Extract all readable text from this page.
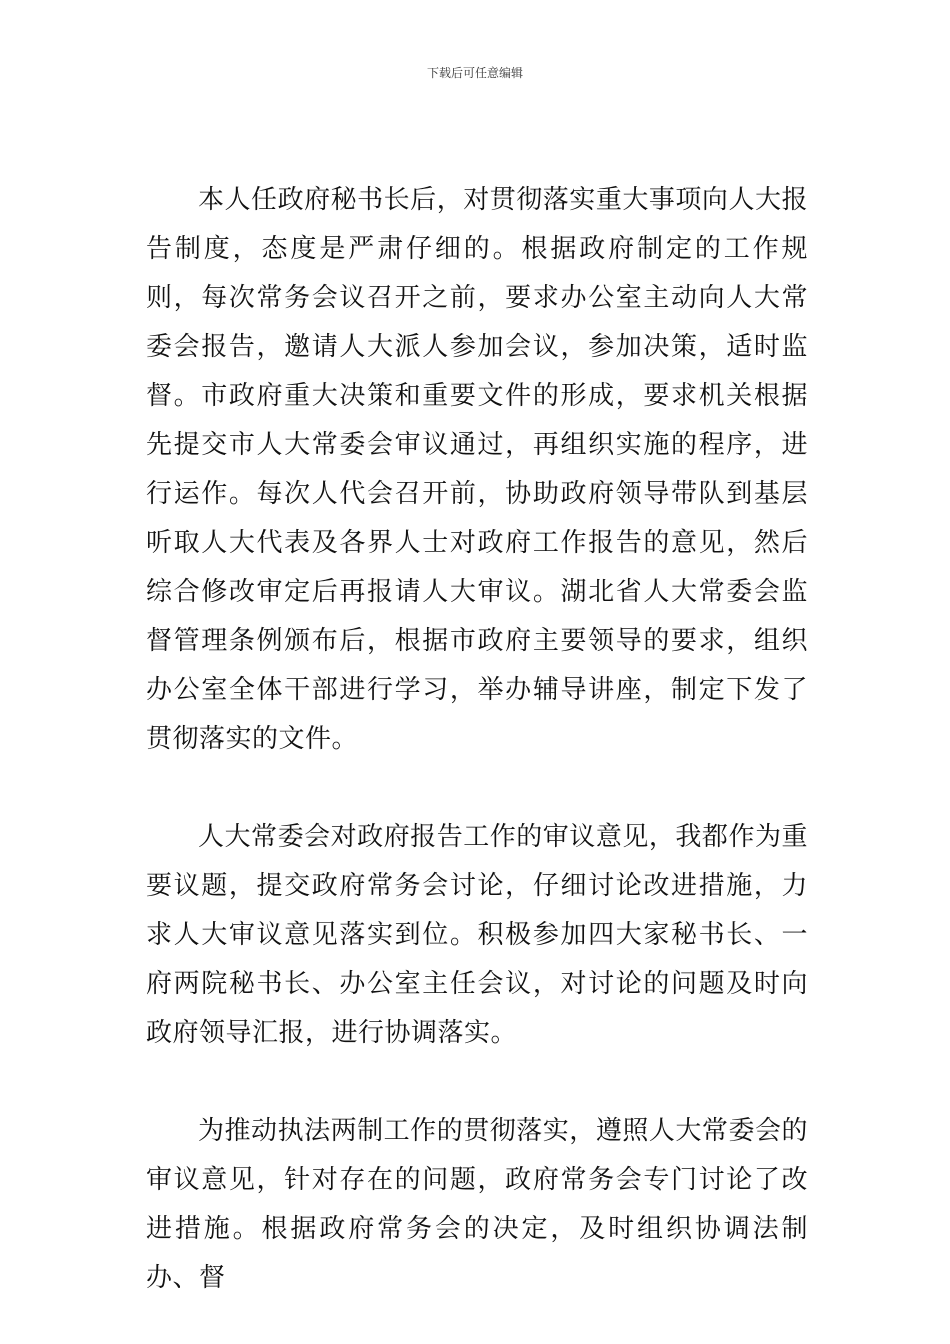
下载后可任意编辑

本人任政府秘书长后，对贯彻落实重大事项向人大报告制度，态度是严肃仔细的。根据政府制定的工作规则，每次常务会议召开之前，要求办公室主动向人大常委会报告，邀请人大派人参加会议，参加决策，适时监督。市政府重大决策和重要文件的形成，要求机关根据先提交市人大常委会审议通过，再组织实施的程序，进行运作。每次人代会召开前，协助政府领导带队到基层听取人大代表及各界人士对政府工作报告的意见，然后综合修改审定后再报请人大审议。湖北省人大常委会监督管理条例颁布后，根据市政府主要领导的要求，组织办公室全体干部进行学习，举办辅导讲座，制定下发了贯彻落实的文件。

人大常委会对政府报告工作的审议意见，我都作为重要议题，提交政府常务会讨论，仔细讨论改进措施，力求人大审议意见落实到位。积极参加四大家秘书长、一府两院秘书长、办公室主任会议，对讨论的问题及时向政府领导汇报，进行协调落实。

为推动执法两制工作的贯彻落实，遵照人大常委会的审议意见，针对存在的问题，政府常务会专门讨论了改进措施。根据政府常务会的决定，及时组织协调法制办、督
